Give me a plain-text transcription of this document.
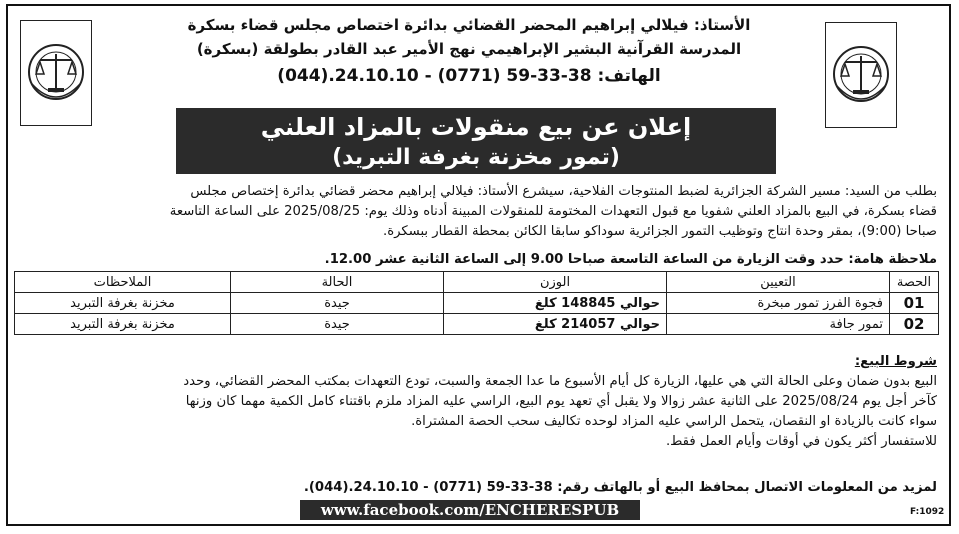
الأستاذ: فيلالي إبراهيم المحضر القضائي بدائرة اختصاص مجلس قضاء بسكرة
المدرسة القرآنية البشير الإبراهيمي نهج الأمير عبد القادر بطولقة (بسكرة)
الهاتف: 38-33-59 (0771) - 24.10.10.(044)
إعلان عن بيع منقولات بالمزاد العلني
(تمور مخزنة بغرفة التبريد)

بطلب من السيد: مسير الشركة الجزائرية لضبط المنتوجات الفلاحية، سيشرع الأستاذ: فيلالي إبراهيم محضر قضائي بدائرة إختصاص مجلس

قضاء بسكرة، في البيع بالمزاد العلني شفويا مع قبول التعهدات المختومة للمنقولات المبينة أدناه وذلك يوم: 2025/08/25 على الساعة التاسعة

صباحا (9:00)، بمقر وحدة انتاج وتوظيب التمور الجزائرية سوداكو سابقا الكائن بمحطة القطار ببسكرة.

ملاحظة هامة: حدد وقت الزيارة من الساعة التاسعة صباحا 9.00 إلى الساعة الثانية عشر 12.00.
الحصة	التعيين	الوزن	الحالة	الملاحظات
01	فجوة الفرز تمور مبخرة	حوالي 148845 كلغ	جيدة	مخزنة بغرفة التبريد
02	تمور جافة	حوالي 214057 كلغ	جيدة	مخزنة بغرفة التبريد

شروط البيع:

البيع بدون ضمان وعلى الحالة التي هي عليها، الزيارة كل أيام الأسبوع ما عدا الجمعة والسبت، تودع التعهدات بمكتب المحضر القضائي، وحدد

كآخر أجل يوم 2025/08/24 على الثانية عشر زوالا ولا يقبل أي تعهد يوم البيع، الراسي عليه المزاد ملزم باقتناء كامل الكمية مهما كان وزنها

سواء كانت بالزيادة او النقصان، يتحمل الراسي عليه المزاد لوحده تكاليف سحب الحصة المشتراة.

للاستفسار أكثر يكون في أوقات وأيام العمل فقط.

لمزيد من المعلومات الاتصال بمحافظ البيع أو بالهاتف رقم: 38-33-59 (0771) - 24.10.10.(044).
www.facebook.com/ENCHERESPUB	F:1092
